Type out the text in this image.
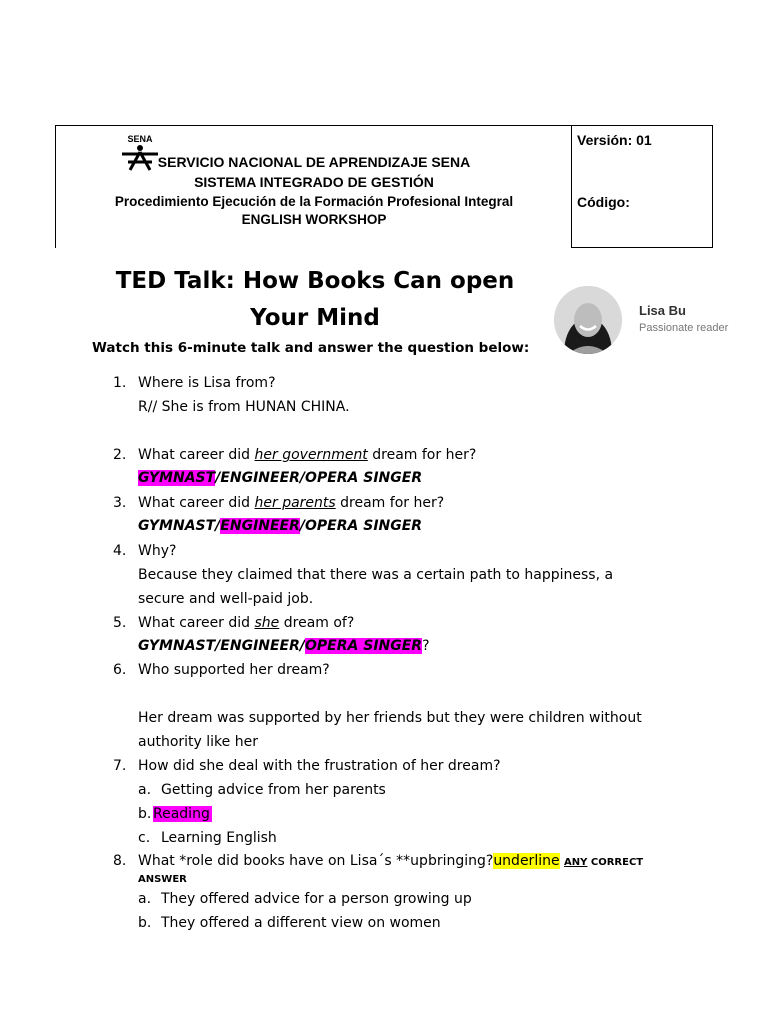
SENA
SERVICIO NACIONAL DE APRENDIZAJE SENA
SISTEMA INTEGRADO DE GESTIÓN
Procedimiento Ejecución de la Formación Profesional Integral
ENGLISH WORKSHOP
Versión: 01
Código:
TED Talk: How Books Can open
Your Mind
Watch this 6-minute talk and answer the question below:
Lisa Bu
Passionate reader
1. Where is Lisa from?
R// She is from HUNAN CHINA.
2. What career did her government dream for her?
GYMNAST/ENGINEER/OPERA SINGER
3. What career did her parents dream for her?
GYMNAST/ENGINEER/OPERA SINGER
4. Why?
Because they claimed that there was a certain path to happiness, a
secure and well-paid job.
5. What career did she dream of?
GYMNAST/ENGINEER/OPERA SINGER?
6. Who supported her dream?
Her dream was supported by her friends but they were children without
authority like her
7. How did she deal with the frustration of her dream?
a. Getting advice from her parents
b. Reading
c. Learning English
8. What *role did books have on Lisa´s **upbringing?underline ANY CORRECT
ANSWER
a. They offered advice for a person growing up
b. They offered a different view on women
